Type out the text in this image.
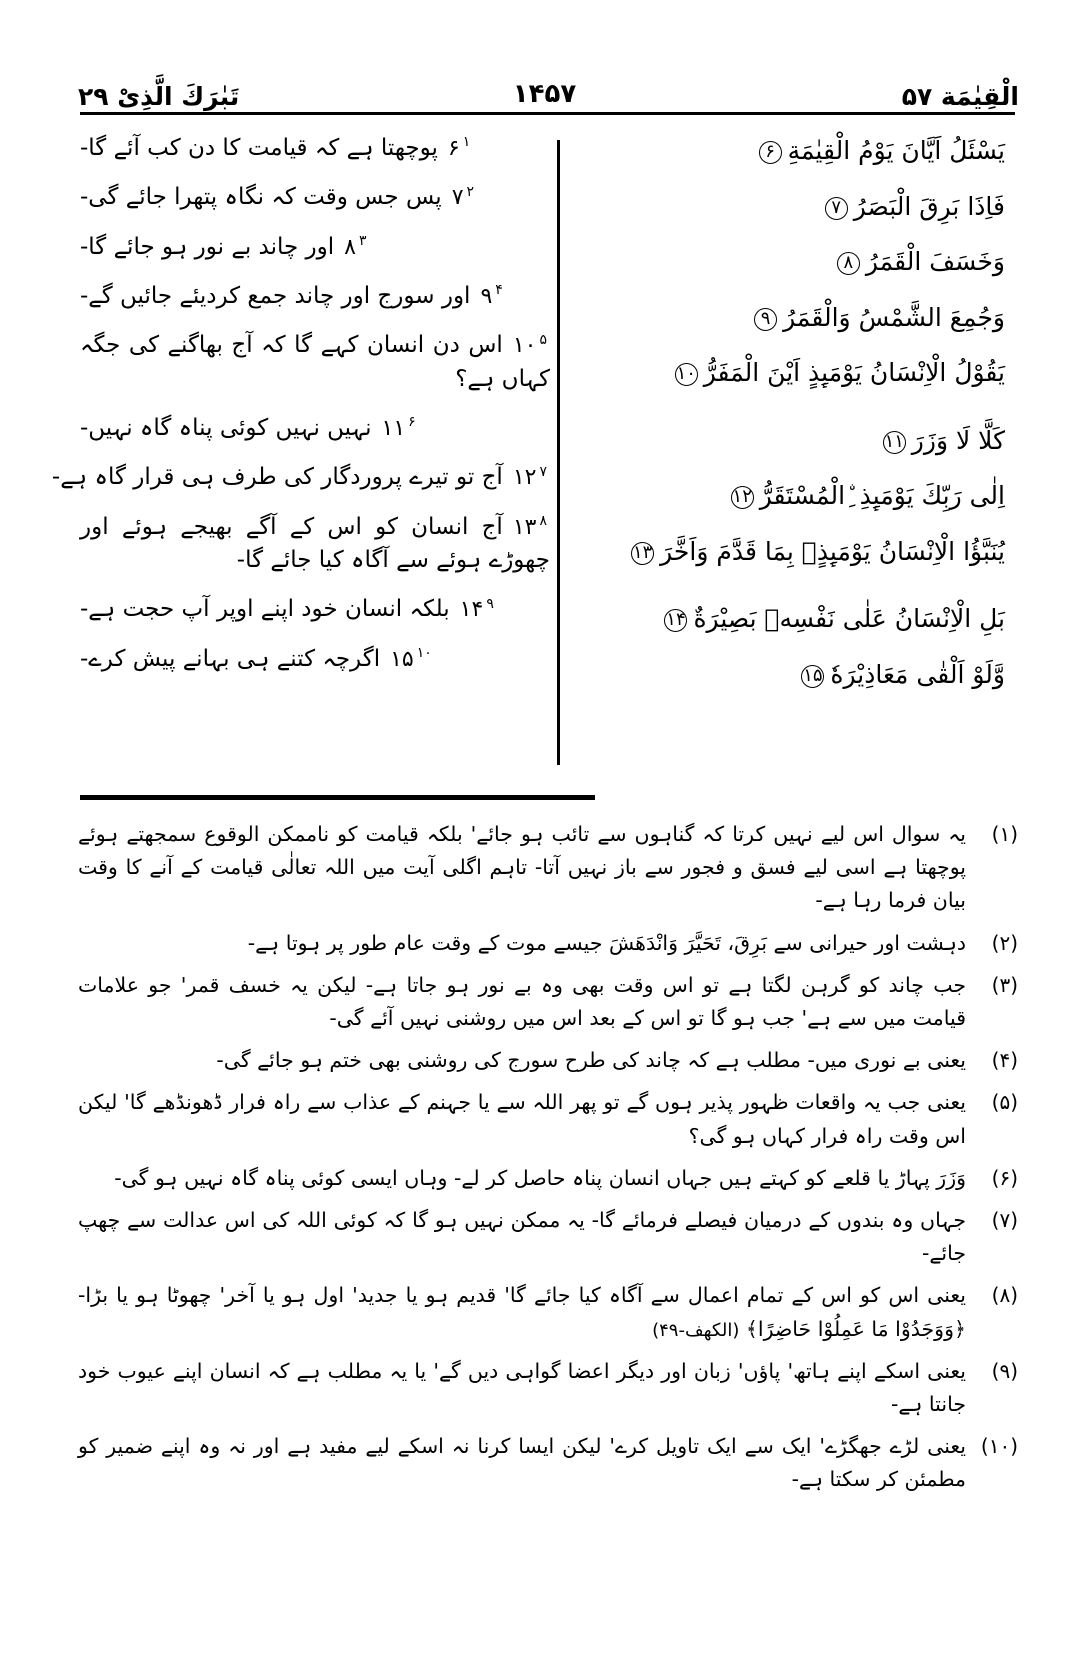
تَبٰرَكَ الَّذِیْ ۲۹	۱۴۵۷	الْقِيٰمَة ۵۷
يَسْئَلُ اَيَّانَ يَوْمُ الْقِيٰمَةِ۶
فَاِذَا بَرِقَ الْبَصَرُ۷
وَخَسَفَ الْقَمَرُ۸
وَجُمِعَ الشَّمْسُ وَالْقَمَرُ۹
يَقُوْلُ الْاِنْسَانُ يَوْمَىِٕذٍ اَيْنَ الْمَفَرُّ۱۰
كَلَّا لَا وَزَرَ۱۱
اِلٰى رَبِّكَ يَوْمَىِٕذِ ِۨالْمُسْتَقَرُّ۱۲
يُنَبَّؤُا الْاِنْسَانُ يَوْمَىِٕذٍۭ بِمَا قَدَّمَ وَاَخَّرَ۱۳
بَلِ الْاِنْسَانُ عَلٰى نَفْسِهٖ بَصِيْرَةٌ۱۴
وَّلَوْ اَلْقٰى مَعَاذِيْرَهٗ۱۵
۶ $^۱$پوچھتا ہے کہ قیامت کا دن کب آئے گا-
۷ $^۲$پس جس وقت کہ نگاہ پتھرا جائے گی-
۸ $^۳$اور چاند بے نور ہو جائے گا-
۹ $^۴$اور سورج اور چاند جمع کردیئے جائیں گے-
۱۰ $^۵$اس دن انسان کہے گا کہ آج بھاگنے کی جگہ کہاں ہے؟
۱۱ $^۶$نہیں نہیں کوئی پناہ گاہ نہیں-
۱۲ $^۷$آج تو تیرے پروردگار کی طرف ہی قرار گاہ ہے-
۱۳ $^۸$آج انسان کو اس کے آگے بھیجے ہوئے اور چھوڑے ہوئے سے آگاہ کیا جائے گا-
۱۴ $^۹$بلکہ انسان خود اپنے اوپر آپ حجت ہے-
۱۵ $^{۱۰}$اگرچہ کتنے ہی بہانے پیش کرے-
(۱)
یہ سوال اس لیے نہیں کرتا کہ گناہوں سے تائب ہو جائے' بلکہ قیامت کو ناممکن الوقوع سمجھتے ہوئے پوچھتا ہے اسی لیے فسق و فجور سے باز نہیں آتا- تاہم اگلی آیت میں اللہ تعالٰی قیامت کے آنے کا وقت بیان فرما رہا ہے-
(۲)
دہشت اور حیرانی سے بَرِقَ، تَحَیَّرَ وَانْدَهَشَ جیسے موت کے وقت عام طور پر ہوتا ہے-
(۳)
جب چاند کو گرہن لگتا ہے تو اس وقت بھی وہ بے نور ہو جاتا ہے- لیکن یہ خسف قمر' جو علامات قیامت میں سے ہے' جب ہو گا تو اس کے بعد اس میں روشنی نہیں آئے گی-
(۴)
یعنی بے نوری میں- مطلب ہے کہ چاند کی طرح سورج کی روشنی بھی ختم ہو جائے گی-
(۵)
یعنی جب یہ واقعات ظہور پذیر ہوں گے تو پھر اللہ سے یا جہنم کے عذاب سے راہ فرار ڈھونڈھے گا' لیکن اس وقت راہ فرار کہاں ہو گی؟
(۶)
وَزَرَ پہاڑ یا قلعے کو کہتے ہیں جہاں انسان پناہ حاصل کر لے- وہاں ایسی کوئی پناہ گاہ نہیں ہو گی-
(۷)
جہاں وہ بندوں کے درمیان فیصلے فرمائے گا- یہ ممکن نہیں ہو گا کہ کوئی اللہ کی اس عدالت سے چھپ جائے-
(۸)
یعنی اس کو اس کے تمام اعمال سے آگاہ کیا جائے گا' قدیم ہو یا جدید' اول ہو یا آخر' چھوٹا ہو یا بڑا- ﴿وَوَجَدُوْا مَا عَمِلُوْا حَاضِرًا﴾ (الکھف-۴۹)
(۹)
یعنی اسکے اپنے ہاتھ' پاؤں' زبان اور دیگر اعضا گواہی دیں گے' یا یہ مطلب ہے کہ انسان اپنے عیوب خود جانتا ہے-
(۱۰)
یعنی لڑے جھگڑے' ایک سے ایک تاویل کرے' لیکن ایسا کرنا نہ اسکے لیے مفید ہے اور نہ وہ اپنے ضمیر کو مطمئن کر سکتا ہے-
